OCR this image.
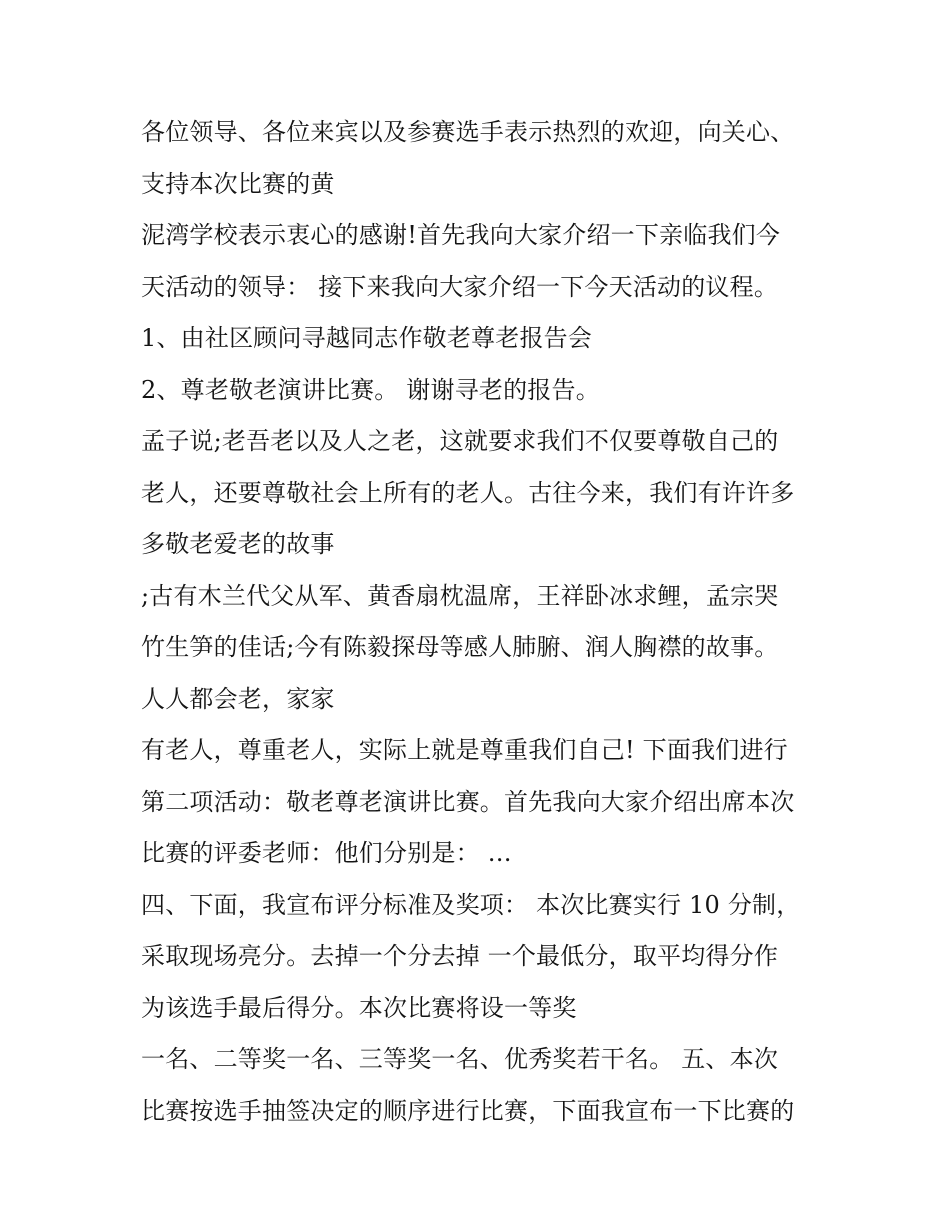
各位领导、各位来宾以及参赛选手表示热烈的欢迎，向关心、
支持本次比赛的黄
泥湾学校表示衷心的感谢!首先我向大家介绍一下亲临我们今
天活动的领导： 接下来我向大家介绍一下今天活动的议程。
1、由社区顾问寻越同志作敬老尊老报告会
2、尊老敬老演讲比赛。 谢谢寻老的报告。
孟子说;老吾老以及人之老，这就要求我们不仅要尊敬自己的
老人，还要尊敬社会上所有的老人。古往今来，我们有许许多
多敬老爱老的故事
;古有木兰代父从军、黄香扇枕温席，王祥卧冰求鲤，孟宗哭
竹生笋的佳话;今有陈毅探母等感人肺腑、润人胸襟的故事。
人人都会老，家家
有老人，尊重老人，实际上就是尊重我们自己! 下面我们进行
第二项活动：敬老尊老演讲比赛。首先我向大家介绍出席本次
比赛的评委老师：他们分别是： …
四、下面，我宣布评分标准及奖项： 本次比赛实行 10 分制，
采取现场亮分。去掉一个分去掉 一个最低分，取平均得分作
为该选手最后得分。本次比赛将设一等奖
一名、二等奖一名、三等奖一名、优秀奖若干名。 五、本次
比赛按选手抽签决定的顺序进行比赛，下面我宣布一下比赛的
